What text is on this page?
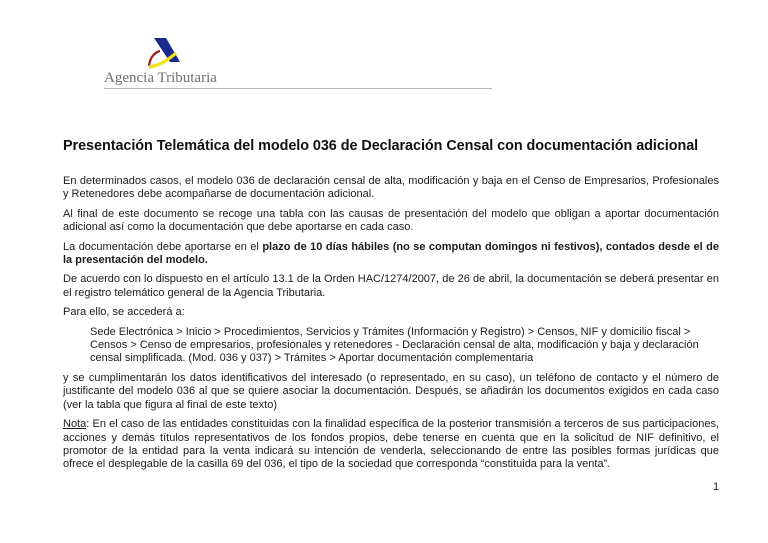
Agencia Tributaria
Presentación Telemática del modelo 036 de Declaración Censal con documentación adicional

En determinados casos, el modelo 036 de declaración censal de alta, modificación y baja en el Censo de Empresarios, Profesionales y Retenedores debe acompañarse de documentación adicional.

Al final de este documento se recoge una tabla con las causas de presentación del modelo que obligan a aportar documentación adicional así como la documentación que debe aportarse en cada caso.

La documentación debe aportarse en el plazo de 10 días hábiles (no se computan domingos ni festivos), contados desde el de la presentación del modelo.

De acuerdo con lo dispuesto en el artículo 13.1 de la Orden HAC/1274/2007, de 26 de abril, la documentación se deberá presentar en el registro telemático general de la Agencia Tributaria.

Para ello, se accederá a:

Sede Electrónica > Inicio > Procedimientos, Servicios y Trámites (Información y Registro) > Censos, NIF y domicilio fiscal > Censos > Censo de empresarios, profesionales y retenedores - Declaración censal de alta, modificación y baja y declaración censal simplificada. (Mod. 036 y 037) > Trámites > Aportar documentación complementaria

y se cumplimentarán los datos identificativos del interesado (o representado, en su caso), un teléfono de contacto y el número de justificante del modelo 036 al que se quiere asociar la documentación. Después, se añadirán los documentos exigidos en cada caso (ver la tabla que figura al final de este texto)

Nota: En el caso de las entidades constituidas con la finalidad específica de la posterior transmisión a terceros de sus participaciones, acciones y demás títulos representativos de los fondos propios, debe tenerse en cuenta que en la solicitud de NIF definitivo, el promotor de la entidad para la venta indicará su intención de venderla, seleccionando de entre las posibles formas jurídicas que ofrece el desplegable de la casilla 69 del 036, el tipo de la sociedad que corresponda “constituida para la venta”.

1
